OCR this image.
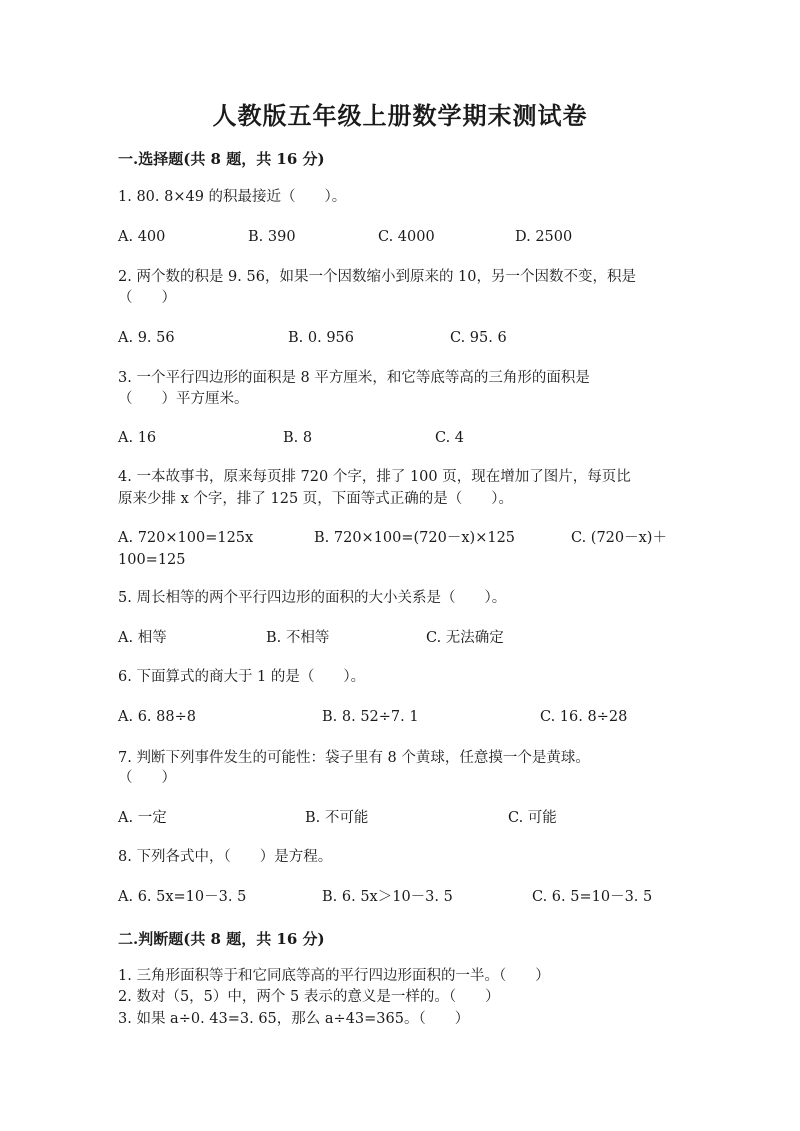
人教版五年级上册数学期末测试卷
一.选择题(共 8 题，共 16 分)
1. 80. 8×49 的积最接近（　　）。
A. 400	B. 390	C. 4000	D. 2500
2. 两个数的积是 9. 56，如果一个因数缩小到原来的 10，另一个因数不变，积是
（　　）
A. 9. 56	B. 0. 956	C. 95. 6
3. 一个平行四边形的面积是 8 平方厘米，和它等底等高的三角形的面积是
（　　）平方厘米。
A. 16	B. 8	C. 4
4. 一本故事书，原来每页排 720 个字，排了 100 页，现在增加了图片，每页比
原来少排 x 个字，排了 125 页，下面等式正确的是（　　）。
A. 720×100=125x	B. 720×100=(720－x)×125	C. (720－x)＋
100=125
5. 周长相等的两个平行四边形的面积的大小关系是（　　）。
A. 相等	B. 不相等	C. 无法确定
6. 下面算式的商大于 1 的是（　　）。
A. 6. 88÷8	B. 8. 52÷7. 1	C. 16. 8÷28
7. 判断下列事件发生的可能性：袋子里有 8 个黄球，任意摸一个是黄球。
（　　）
A. 一定	B. 不可能	C. 可能
8. 下列各式中，（　　）是方程。
A. 6. 5x=10－3. 5	B. 6. 5x＞10－3. 5	C. 6. 5=10－3. 5
二.判断题(共 8 题，共 16 分)
1. 三角形面积等于和它同底等高的平行四边形面积的一半。（　　）
2. 数对（5，5）中，两个 5 表示的意义是一样的。（　　）
3. 如果 a÷0. 43=3. 65，那么 a÷43=365。（　　）
